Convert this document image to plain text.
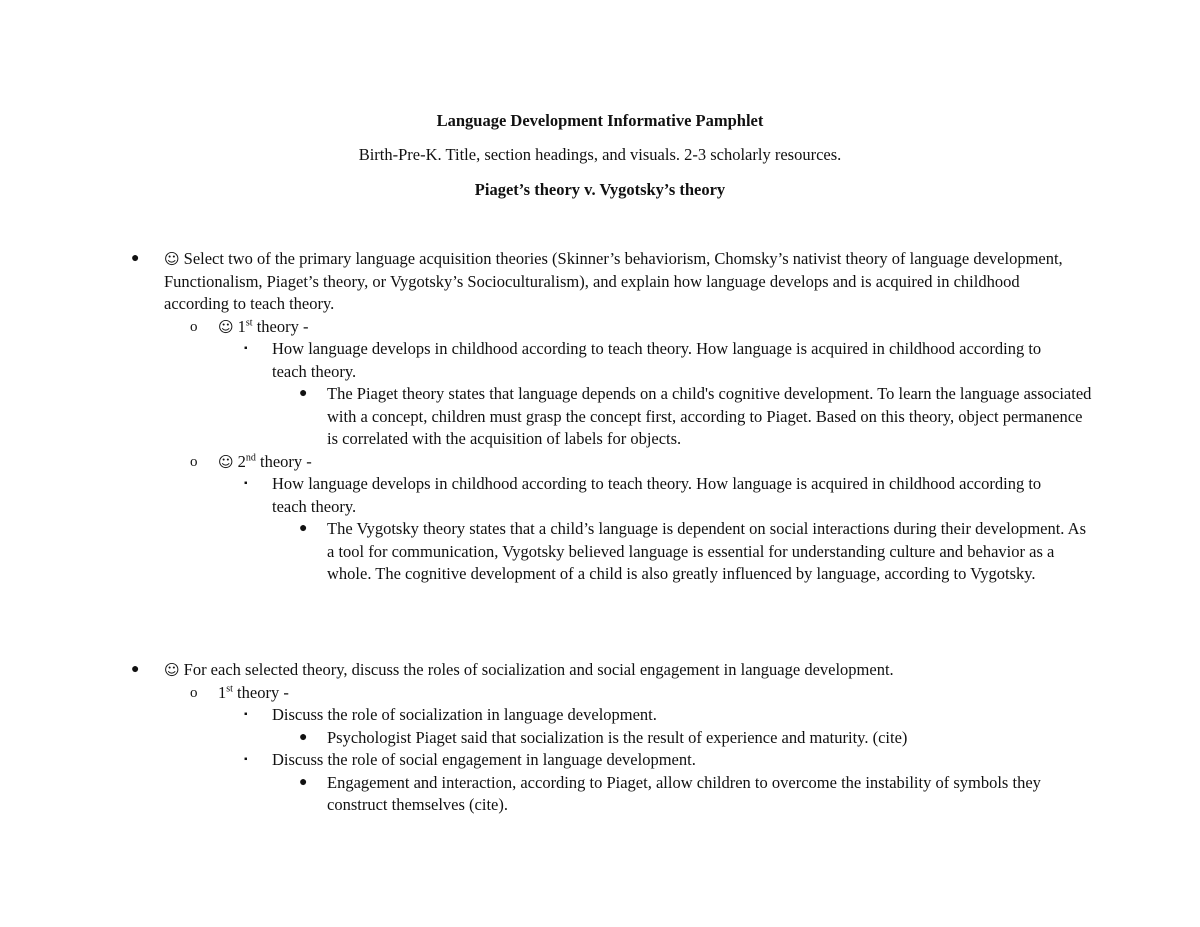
Language Development Informative Pamphlet
Birth-Pre-K. Title, section headings, and visuals. 2-3 scholarly resources.
Piaget’s theory v. Vygotsky’s theory
● ☺ Select two of the primary language acquisition theories (Skinner’s behaviorism, Chomsky’s nativist theory of language development, Functionalism, Piaget’s theory, or Vygotsky’s Socioculturalism), and explain how language develops and is acquired in childhood according to teach theory.
o ☺ 1st theory -
▪ How language develops in childhood according to teach theory. How language is acquired in childhood according to teach theory.
● The Piaget theory states that language depends on a child's cognitive development. To learn the language associated with a concept, children must grasp the concept first, according to Piaget. Based on this theory, object permanence is correlated with the acquisition of labels for objects.
o ☺ 2nd theory -
▪ How language develops in childhood according to teach theory. How language is acquired in childhood according to teach theory.
● The Vygotsky theory states that a child’s language is dependent on social interactions during their development. As a tool for communication, Vygotsky believed language is essential for understanding culture and behavior as a whole. The cognitive development of a child is also greatly influenced by language, according to Vygotsky.
● ☺ For each selected theory, discuss the roles of socialization and social engagement in language development.
o 1st theory -
▪ Discuss the role of socialization in language development.
● Psychologist Piaget said that socialization is the result of experience and maturity. (cite)
▪ Discuss the role of social engagement in language development.
● Engagement and interaction, according to Piaget, allow children to overcome the instability of symbols they construct themselves (cite).
